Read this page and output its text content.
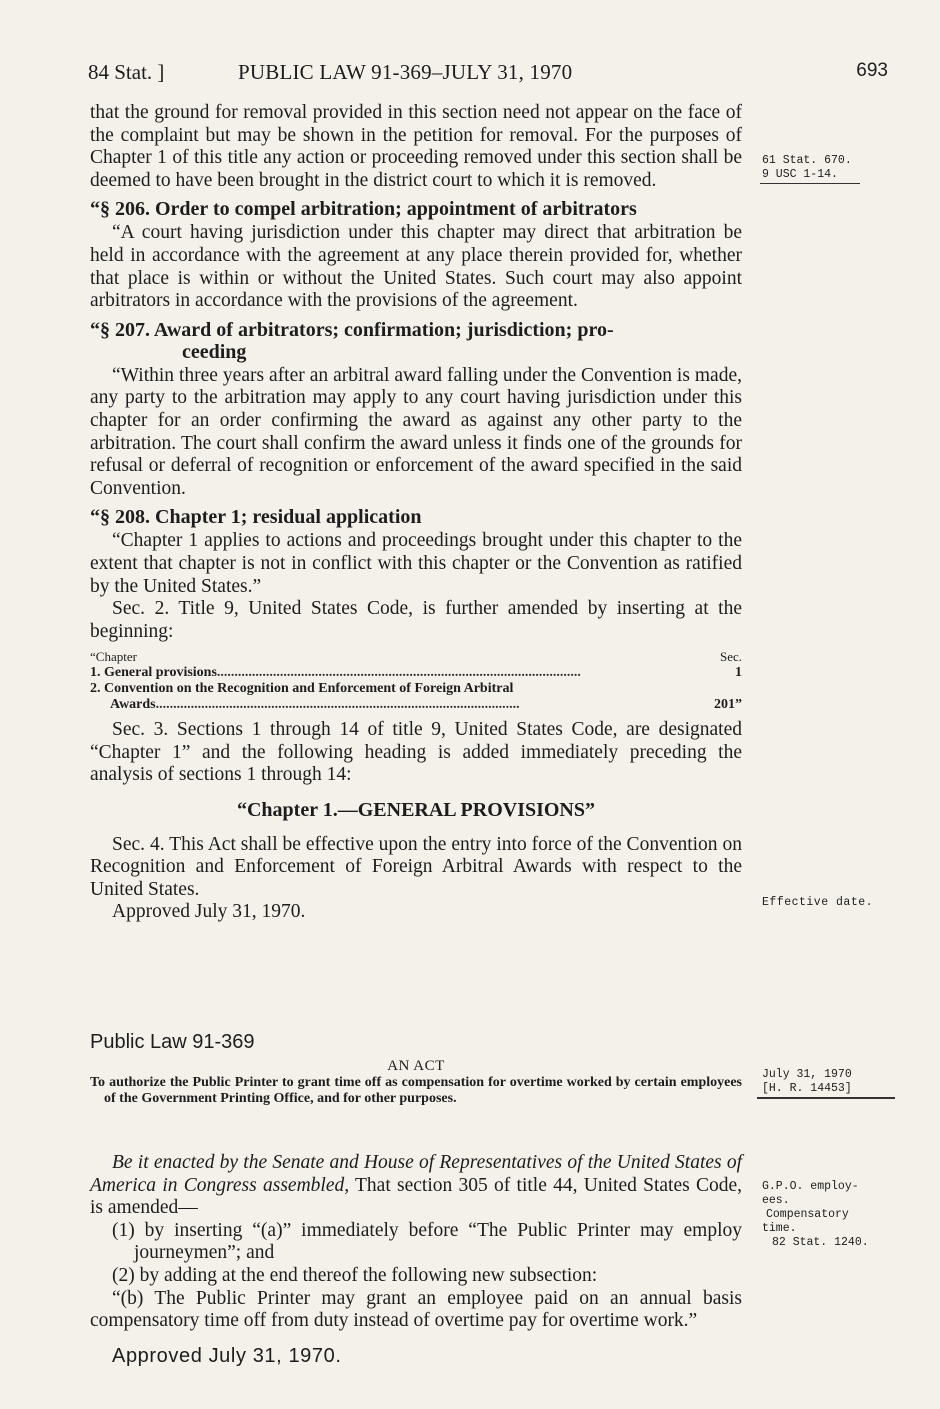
84 Stat. ]	PUBLIC LAW 91-369–JULY 31, 1970	693

that the ground for removal provided in this section need not appear on the face of the complaint but may be shown in the petition for removal. For the purposes of Chapter 1 of this title any action or proceeding removed under this section shall be deemed to have been brought in the district court to which it is removed.

“§ 206. Order to compel arbitration; appointment of arbitrators

“A court having jurisdiction under this chapter may direct that arbitration be held in accordance with the agreement at any place therein provided for, whether that place is within or without the United States. Such court may also appoint arbitrators in accordance with the provisions of the agreement.

“§ 207. Award of arbitrators; confirmation; jurisdiction; pro-
ceeding

“Within three years after an arbitral award falling under the Convention is made, any party to the arbitration may apply to any court having jurisdiction under this chapter for an order confirming the award as against any other party to the arbitration. The court shall confirm the award unless it finds one of the grounds for refusal or deferral of recognition or enforcement of the award specified in the said Convention.

“§ 208. Chapter 1; residual application

“Chapter 1 applies to actions and proceedings brought under this chapter to the extent that chapter is not in conflict with this chapter or the Convention as ratified by the United States.”

Sec. 2. Title 9, United States Code, is further amended by inserting at the beginning:

“Chapter	Sec.
1. General provisions ........................................................................................................	1
2. Convention on the Recognition and Enforcement of Foreign Arbitral
Awards ........................................................................................................	201”

Sec. 3. Sections 1 through 14 of title 9, United States Code, are designated “Chapter 1” and the following heading is added immediately preceding the analysis of sections 1 through 14:

“Chapter 1.—GENERAL PROVISIONS”

Sec. 4. This Act shall be effective upon the entry into force of the Convention on Recognition and Enforcement of Foreign Arbitral Awards with respect to the United States.

Approved July 31, 1970.

Public Law 91-369
AN ACT
To authorize the Public Printer to grant time off as compensation for overtime worked by certain employees of the Government Printing Office, and for other purposes.

Be it enacted by the Senate and House of Representatives of the United States of America in Congress assembled, That section 305 of title 44, United States Code, is amended—

(1) by inserting “(a)” immediately before “The Public Printer may employ journeymen”; and

(2) by adding at the end thereof the following new subsection:

“(b) The Public Printer may grant an employee paid on an annual basis compensatory time off from duty instead of overtime pay for overtime work.”

Approved July 31, 1970.
61 Stat. 670.
9 USC 1-14.
Effective date.
July 31, 1970
[H. R. 14453]
G.P.O. employ-
ees.
Compensatory
time.
82 Stat. 1240.
